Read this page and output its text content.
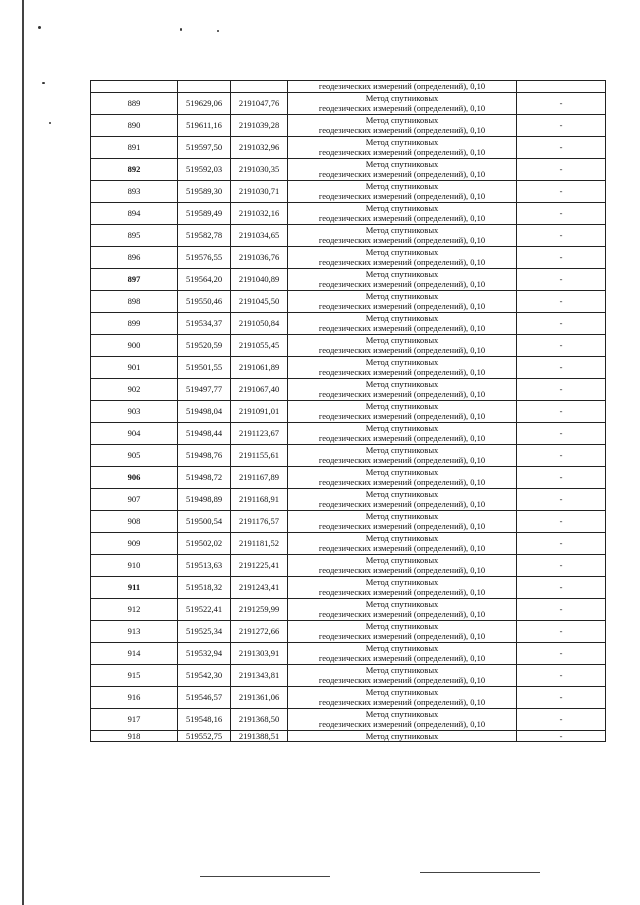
			геодезических измерений (определений), 0,10	
889	519629,06	2191047,76	Метод спутниковых
геодезических измерений (определений), 0,10	-
890	519611,16	2191039,28	Метод спутниковых
геодезических измерений (определений), 0,10	-
891	519597,50	2191032,96	Метод спутниковых
геодезических измерений (определений), 0,10	-
892	519592,03	2191030,35	Метод спутниковых
геодезических измерений (определений), 0,10	-
893	519589,30	2191030,71	Метод спутниковых
геодезических измерений (определений), 0,10	-
894	519589,49	2191032,16	Метод спутниковых
геодезических измерений (определений), 0,10	-
895	519582,78	2191034,65	Метод спутниковых
геодезических измерений (определений), 0,10	-
896	519576,55	2191036,76	Метод спутниковых
геодезических измерений (определений), 0,10	-
897	519564,20	2191040,89	Метод спутниковых
геодезических измерений (определений), 0,10	-
898	519550,46	2191045,50	Метод спутниковых
геодезических измерений (определений), 0,10	-
899	519534,37	2191050,84	Метод спутниковых
геодезических измерений (определений), 0,10	-
900	519520,59	2191055,45	Метод спутниковых
геодезических измерений (определений), 0,10	-
901	519501,55	2191061,89	Метод спутниковых
геодезических измерений (определений), 0,10	-
902	519497,77	2191067,40	Метод спутниковых
геодезических измерений (определений), 0,10	-
903	519498,04	2191091,01	Метод спутниковых
геодезических измерений (определений), 0,10	-
904	519498,44	2191123,67	Метод спутниковых
геодезических измерений (определений), 0,10	-
905	519498,76	2191155,61	Метод спутниковых
геодезических измерений (определений), 0,10	-
906	519498,72	2191167,89	Метод спутниковых
геодезических измерений (определений), 0,10	-
907	519498,89	2191168,91	Метод спутниковых
геодезических измерений (определений), 0,10	-
908	519500,54	2191176,57	Метод спутниковых
геодезических измерений (определений), 0,10	-
909	519502,02	2191181,52	Метод спутниковых
геодезических измерений (определений), 0,10	-
910	519513,63	2191225,41	Метод спутниковых
геодезических измерений (определений), 0,10	-
911	519518,32	2191243,41	Метод спутниковых
геодезических измерений (определений), 0,10	-
912	519522,41	2191259,99	Метод спутниковых
геодезических измерений (определений), 0,10	-
913	519525,34	2191272,66	Метод спутниковых
геодезических измерений (определений), 0,10	-
914	519532,94	2191303,91	Метод спутниковых
геодезических измерений (определений), 0,10	-
915	519542,30	2191343,81	Метод спутниковых
геодезических измерений (определений), 0,10	-
916	519546,57	2191361,06	Метод спутниковых
геодезических измерений (определений), 0,10	-
917	519548,16	2191368,50	Метод спутниковых
геодезических измерений (определений), 0,10	-
918	519552,75	2191388,51	Метод спутниковых	-
